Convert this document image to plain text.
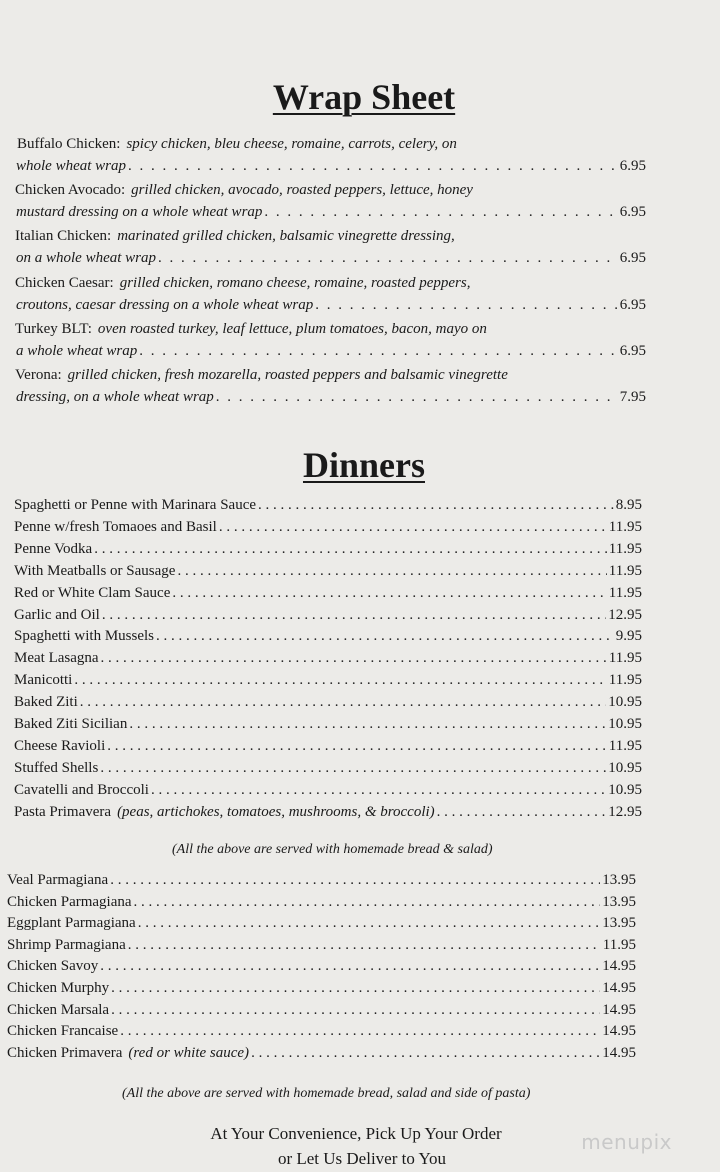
Wrap Sheet
Buffalo Chicken: spicy chicken, bleu cheese, romaine, carrots, celery, on
whole wheat wrap . . .	6.95
Chicken Avocado: grilled chicken, avocado, roasted peppers, lettuce, honey
mustard dressing on a whole wheat wrap . . .	6.95
Italian Chicken: marinated grilled chicken, balsamic vinegrette dressing,
on a whole wheat wrap . . .	6.95
Chicken Caesar: grilled chicken, romano cheese, romaine, roasted peppers,
croutons, caesar dressing on a whole wheat wrap . . .	6.95
Turkey BLT: oven roasted turkey, leaf lettuce, plum tomatoes, bacon, mayo on
a whole wheat wrap . . .	6.95
Verona: grilled chicken, fresh mozarella, roasted peppers and balsamic vinegrette
dressing, on a whole wheat wrap . . .	7.95
Dinners
Spaghetti or Penne with Marinara Sauce . . .	8.95
Penne w/fresh Tomaoes and Basil . . .	11.95
Penne Vodka . . .	11.95
With Meatballs or Sausage . . .	11.95
Red or White Clam Sauce . . .	11.95
Garlic and Oil . . .	12.95
Spaghetti with Mussels . . .	9.95
Meat Lasagna . . .	11.95
Manicotti . . .	11.95
Baked Ziti . . .	10.95
Baked Ziti Sicilian . . .	10.95
Cheese Ravioli . . .	11.95
Stuffed Shells . . .	10.95
Cavatelli and Broccoli . . .	10.95
Pasta Primavera (peas, artichokes, tomatoes, mushrooms, & broccoli) . . .	12.95
(All the above are served with homemade bread & salad)
Veal Parmagiana . . .	13.95
Chicken Parmagiana . . .	13.95
Eggplant Parmagiana . . .	13.95
Shrimp Parmagiana . . .	11.95
Chicken Savoy . . .	14.95
Chicken Murphy . . .	14.95
Chicken Marsala . . .	14.95
Chicken Francaise . . .	14.95
Chicken Primavera (red or white sauce) . . .	14.95
(All the above are served with homemade bread, salad and side of pasta)
At Your Convenience, Pick Up Your Order
or Let Us Deliver to You
menupix
